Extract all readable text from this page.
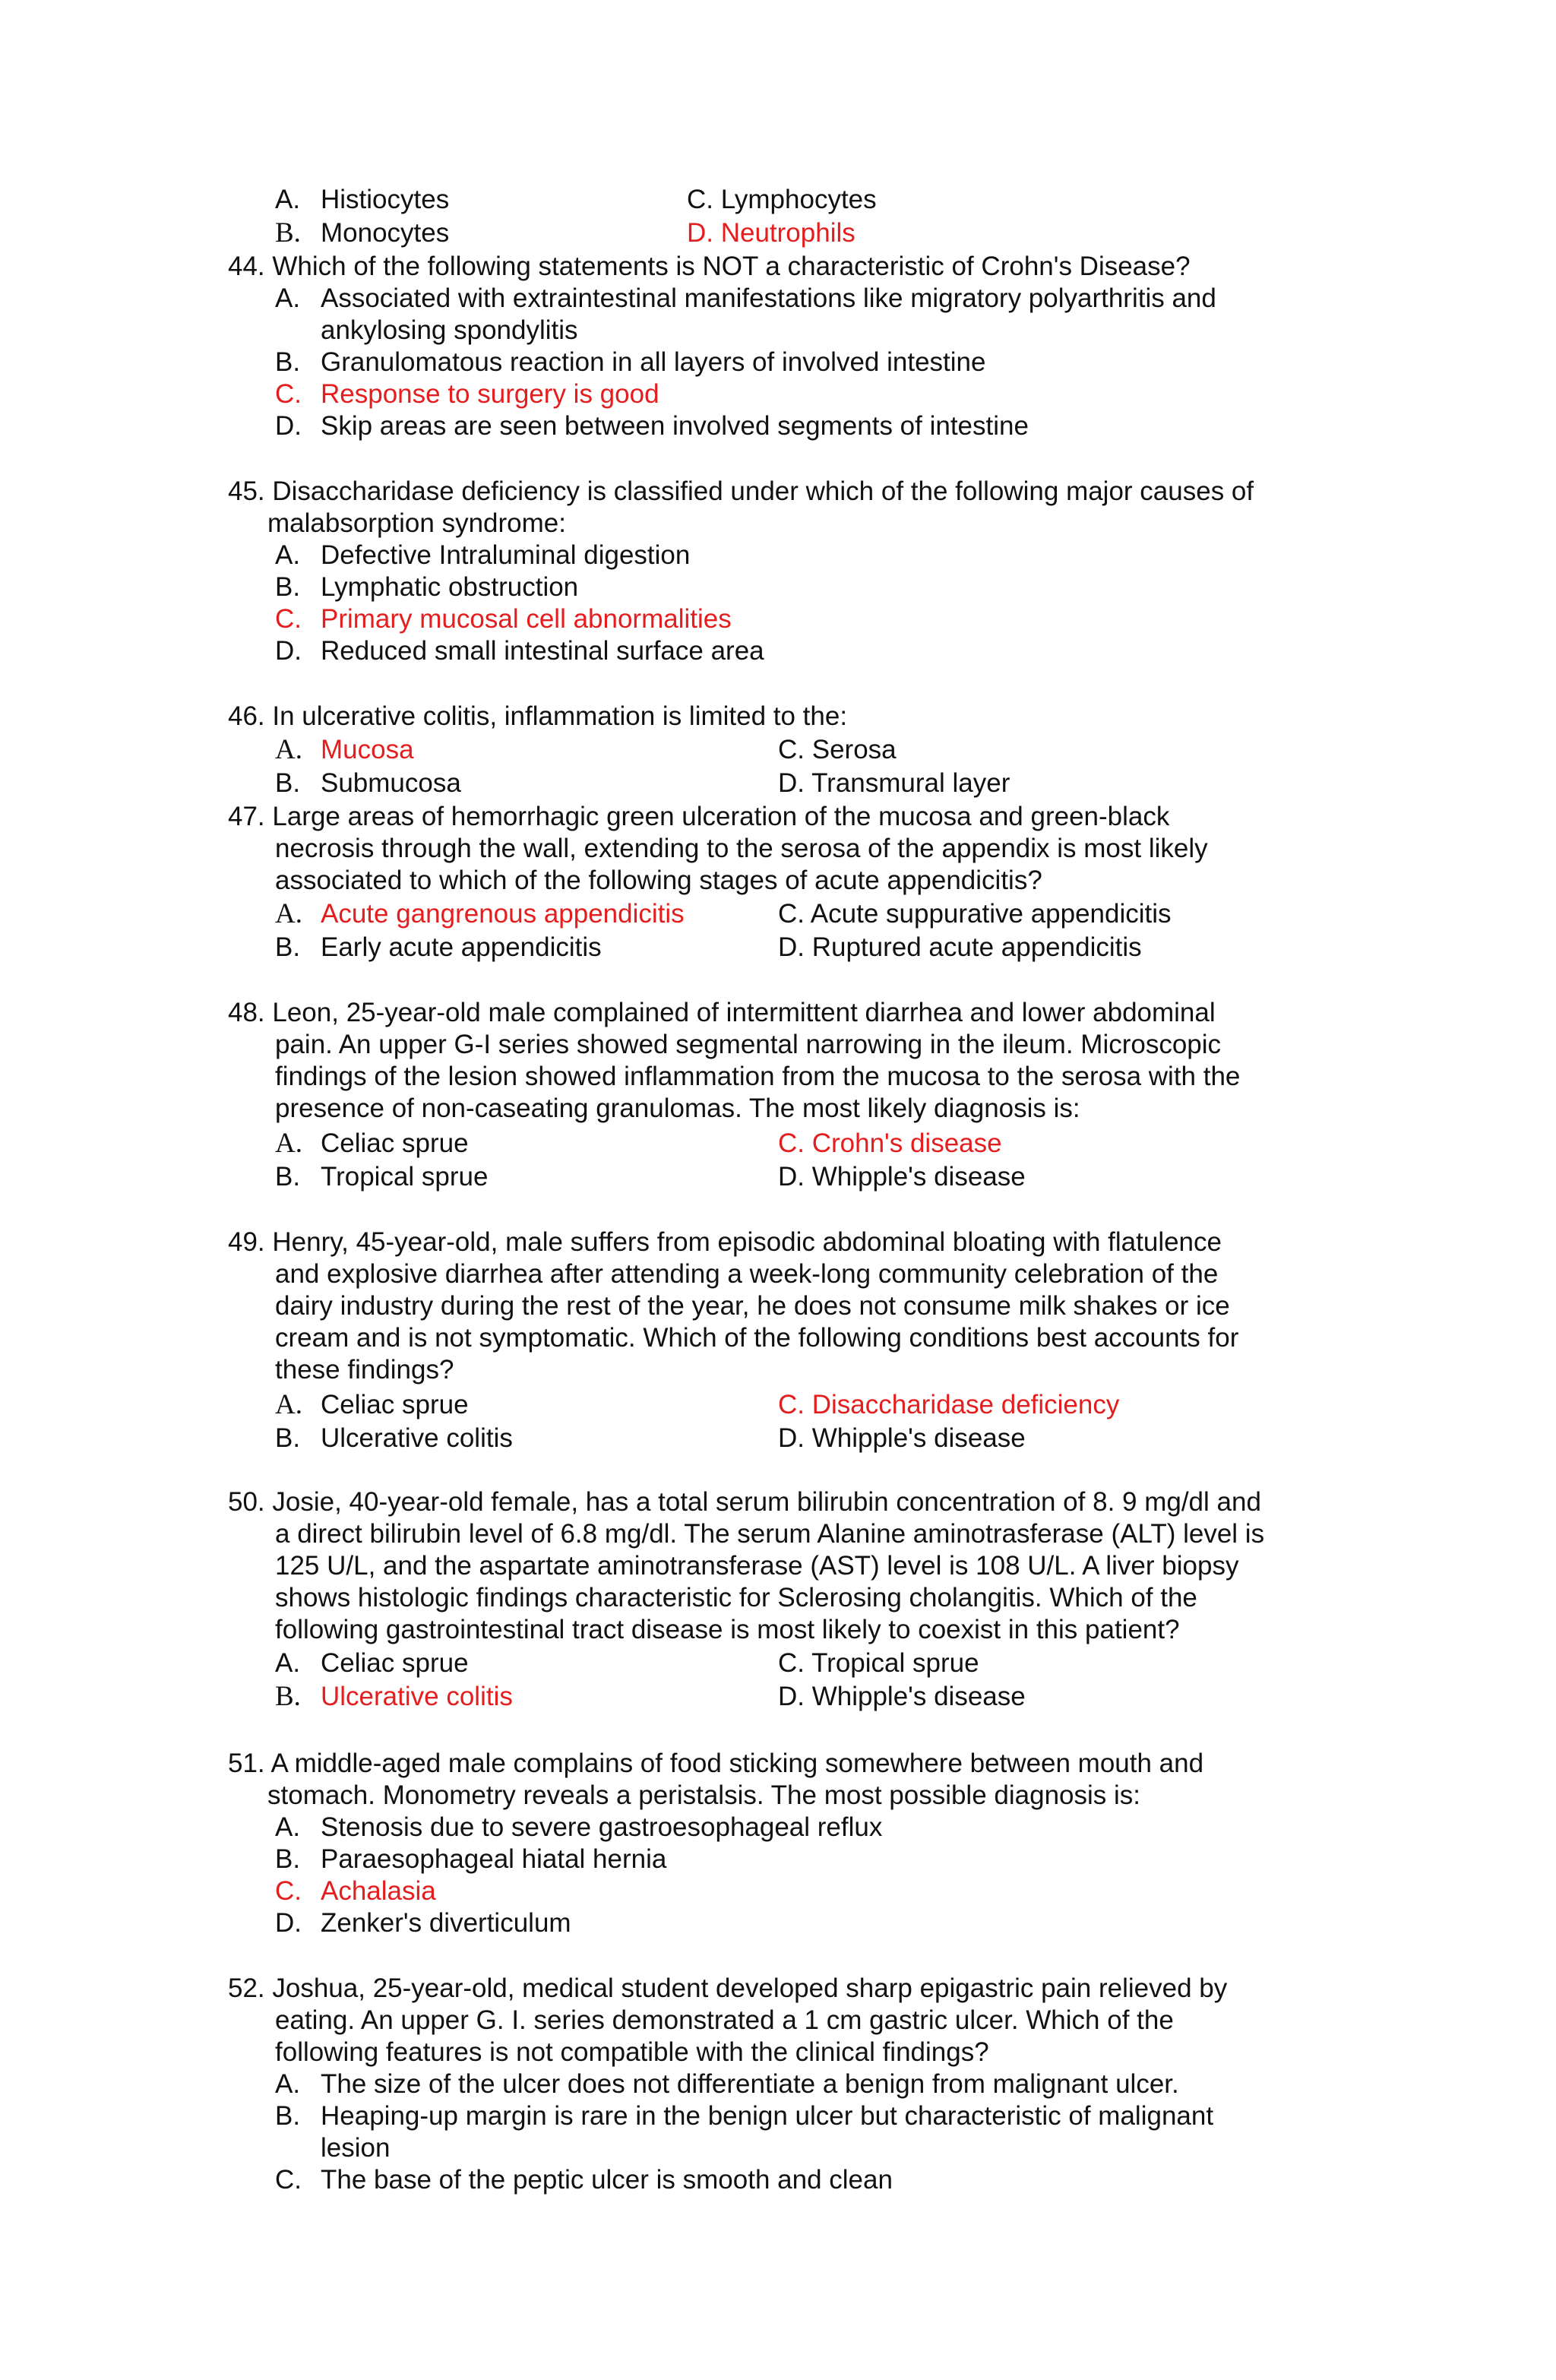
A. Histiocytes	C. Lymphocytes
B. Monocytes	D. Neutrophils
44. Which of the following statements is NOT a characteristic of Crohn's Disease?
A. Associated with extraintestinal manifestations like migratory polyarthritis and
ankylosing spondylitis
B. Granulomatous reaction in all layers of involved intestine
C. Response to surgery is good
D. Skip areas are seen between involved segments of intestine
45. Disaccharidase deficiency is classified under which of the following major causes of
malabsorption syndrome:
A. Defective Intraluminal digestion
B. Lymphatic obstruction
C. Primary mucosal cell abnormalities
D. Reduced small intestinal surface area
46. In ulcerative colitis, inflammation is limited to the:
A. Mucosa	C. Serosa
B. Submucosa	D. Transmural layer
47. Large areas of hemorrhagic green ulceration of the mucosa and green-black
necrosis through the wall, extending to the serosa of the appendix is most likely
associated to which of the following stages of acute appendicitis?
A. Acute gangrenous appendicitis	C. Acute suppurative appendicitis
B. Early acute appendicitis	D. Ruptured acute appendicitis
48. Leon, 25-year-old male complained of intermittent diarrhea and lower abdominal
pain. An upper G-I series showed segmental narrowing in the ileum. Microscopic
findings of the lesion showed inflammation from the mucosa to the serosa with the
presence of non-caseating granulomas. The most likely diagnosis is:
A. Celiac sprue	C. Crohn's disease
B. Tropical sprue	D. Whipple's disease
49. Henry, 45-year-old, male suffers from episodic abdominal bloating with flatulence
and explosive diarrhea after attending a week-long community celebration of the
dairy industry during the rest of the year, he does not consume milk shakes or ice
cream and is not symptomatic. Which of the following conditions best accounts for
these findings?
A. Celiac sprue	C. Disaccharidase deficiency
B. Ulcerative colitis	D. Whipple's disease
50. Josie, 40-year-old female, has a total serum bilirubin concentration of 8. 9 mg/dl and
a direct bilirubin level of 6.8 mg/dl. The serum Alanine aminotrasferase (ALT) level is
125 U/L, and the aspartate aminotransferase (AST) level is 108 U/L. A liver biopsy
shows histologic findings characteristic for Sclerosing cholangitis. Which of the
following gastrointestinal tract disease is most likely to coexist in this patient?
A. Celiac sprue	C. Tropical sprue
B. Ulcerative colitis	D. Whipple's disease
51. A middle-aged male complains of food sticking somewhere between mouth and
stomach. Monometry reveals a peristalsis. The most possible diagnosis is:
A. Stenosis due to severe gastroesophageal reflux
B. Paraesophageal hiatal hernia
C. Achalasia
D. Zenker's diverticulum
52. Joshua, 25-year-old, medical student developed sharp epigastric pain relieved by
eating. An upper G. I. series demonstrated a 1 cm gastric ulcer. Which of the
following features is not compatible with the clinical findings?
A. The size of the ulcer does not differentiate a benign from malignant ulcer.
B. Heaping-up margin is rare in the benign ulcer but characteristic of malignant
lesion
C. The base of the peptic ulcer is smooth and clean
